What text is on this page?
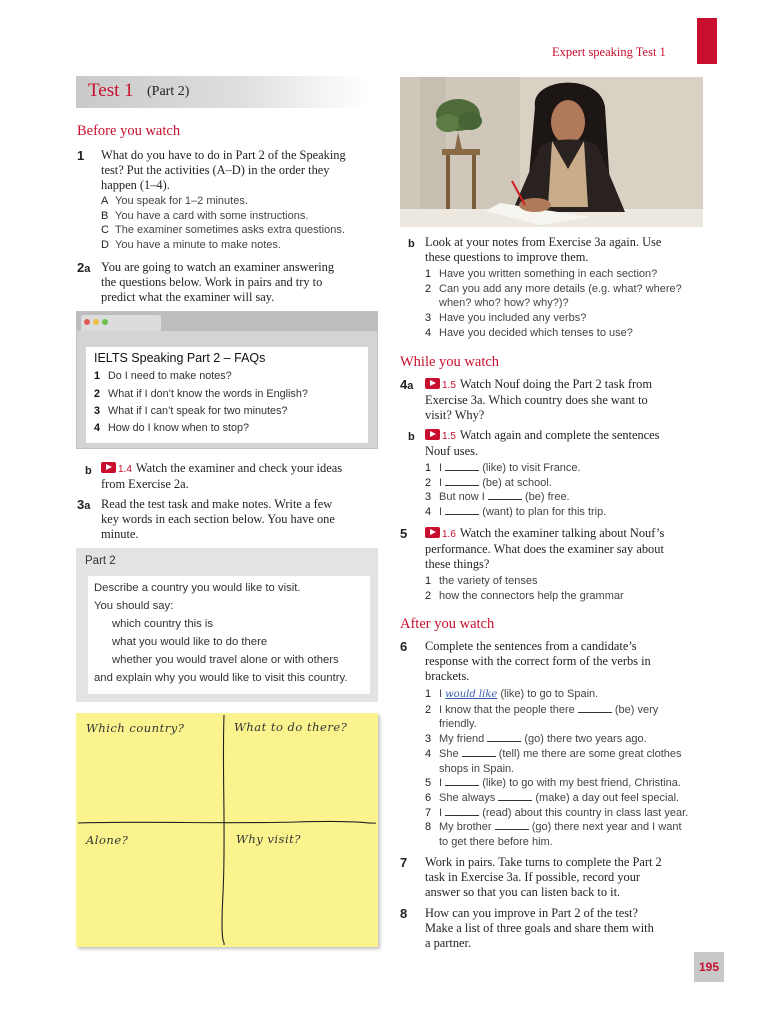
Expert speaking Test 1
Test 1 (Part 2)
Before you watch
1 What do you have to do in Part 2 of the Speaking
test? Put the activities (A–D) in the order they
happen (1–4).
A You speak for 1–2 minutes.
B You have a card with some instructions.
C The examiner sometimes asks extra questions.
D You have a minute to make notes.
2a You are going to watch an examiner answering
the questions below. Work in pairs and try to
predict what the examiner will say.
IELTS Speaking Part 2 – FAQs
1 Do I need to make notes?
2 What if I don’t know the words in English?
3 What if I can’t speak for two minutes?
4 How do I know when to stop?
b	1.4 Watch the examiner and check your ideas
from Exercise 2a.
3a Read the test task and make notes. Write a few
key words in each section below. You have one
minute.
Part 2
Describe a country you would like to visit.
You should say:
which country this is
what you would like to do there
whether you would travel alone or with others
and explain why you would like to visit this country.
Which country?	What to do there?
Alone?	Why visit?
b Look at your notes from Exercise 3a again. Use
these questions to improve them.
1 Have you written something in each section?
2 Can you add any more details (e.g. what? where?
when? who? how? why?)?
3 Have you included any verbs?
4 Have you decided which tenses to use?
While you watch
4a	1.5 Watch Nouf doing the Part 2 task from
Exercise 3a. Which country does she want to
visit? Why?
b	1.5 Watch again and complete the sentences
Nouf uses.
1 I	(like) to visit France.
2 I	(be) at school.
3 But now I	(be) free.
4 I	(want) to plan for this trip.
5	1.6 Watch the examiner talking about Nouf’s
performance. What does the examiner say about
these things?
1 the variety of tenses
2 how the connectors help the grammar
After you watch
6 Complete the sentences from a candidate’s
response with the correct form of the verbs in
brackets.
1 I would like (like) to go to Spain.
2 I know that the people there	(be) very
friendly.
3 My friend	(go) there two years ago.
4 She	(tell) me there are some great clothes
shops in Spain.
5 I	(like) to go with my best friend, Christina.
6 She always	(make) a day out feel special.
7 I	(read) about this country in class last year.
8 My brother	(go) there next year and I want
to get there before him.
7 Work in pairs. Take turns to complete the Part 2
task in Exercise 3a. If possible, record your
answer so that you can listen back to it.
8 How can you improve in Part 2 of the test?
Make a list of three goals and share them with
a partner.
195
